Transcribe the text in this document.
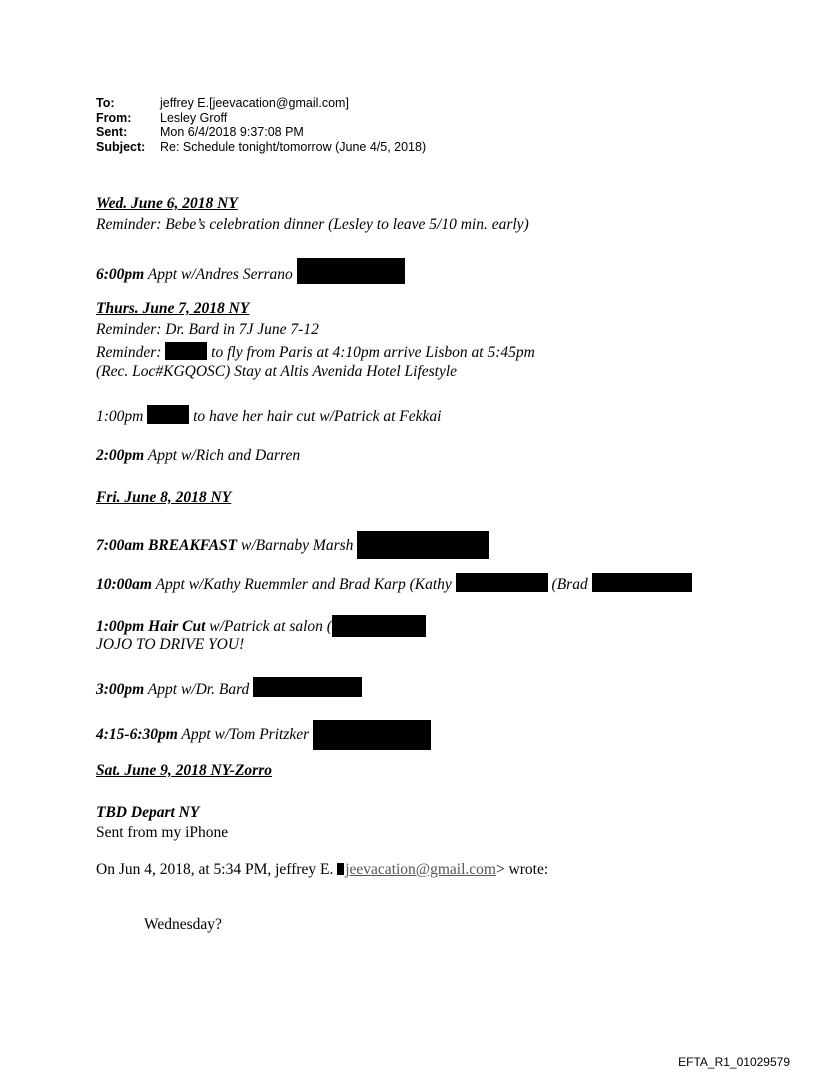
To:	jeffrey E.[jeevacation@gmail.com]
From:	Lesley Groff
Sent:	Mon 6/4/2018 9:37:08 PM
Subject:	Re: Schedule tonight/tomorrow (June 4/5, 2018)
Wed. June 6, 2018 NY
Reminder: Bebe’s celebration dinner (Lesley to leave 5/10 min. early)
6:00pm Appt w/Andres Serrano
Thurs. June 7, 2018 NY
Reminder: Dr. Bard in 7J June 7-12
Reminder:	to fly from Paris at 4:10pm arrive Lisbon at 5:45pm
(Rec. Loc#KGQOSC) Stay at Altis Avenida Hotel Lifestyle
1:00pm	to have her hair cut w/Patrick at Fekkai
2:00pm Appt w/Rich and Darren
Fri. June 8, 2018 NY
7:00am BREAKFAST w/Barnaby Marsh
10:00am Appt w/Kathy Ruemmler and Brad Karp (Kathy	(Brad
1:00pm Hair Cut w/Patrick at salon (
JOJO TO DRIVE YOU!
3:00pm Appt w/Dr. Bard
4:15-6:30pm Appt w/Tom Pritzker
Sat. June 9, 2018 NY-Zorro
TBD Depart NY
Sent from my iPhone
On Jun 4, 2018, at 5:34 PM, jeffrey E. jeevacation@gmail.com> wrote:
Wednesday?
EFTA_R1_01029579
